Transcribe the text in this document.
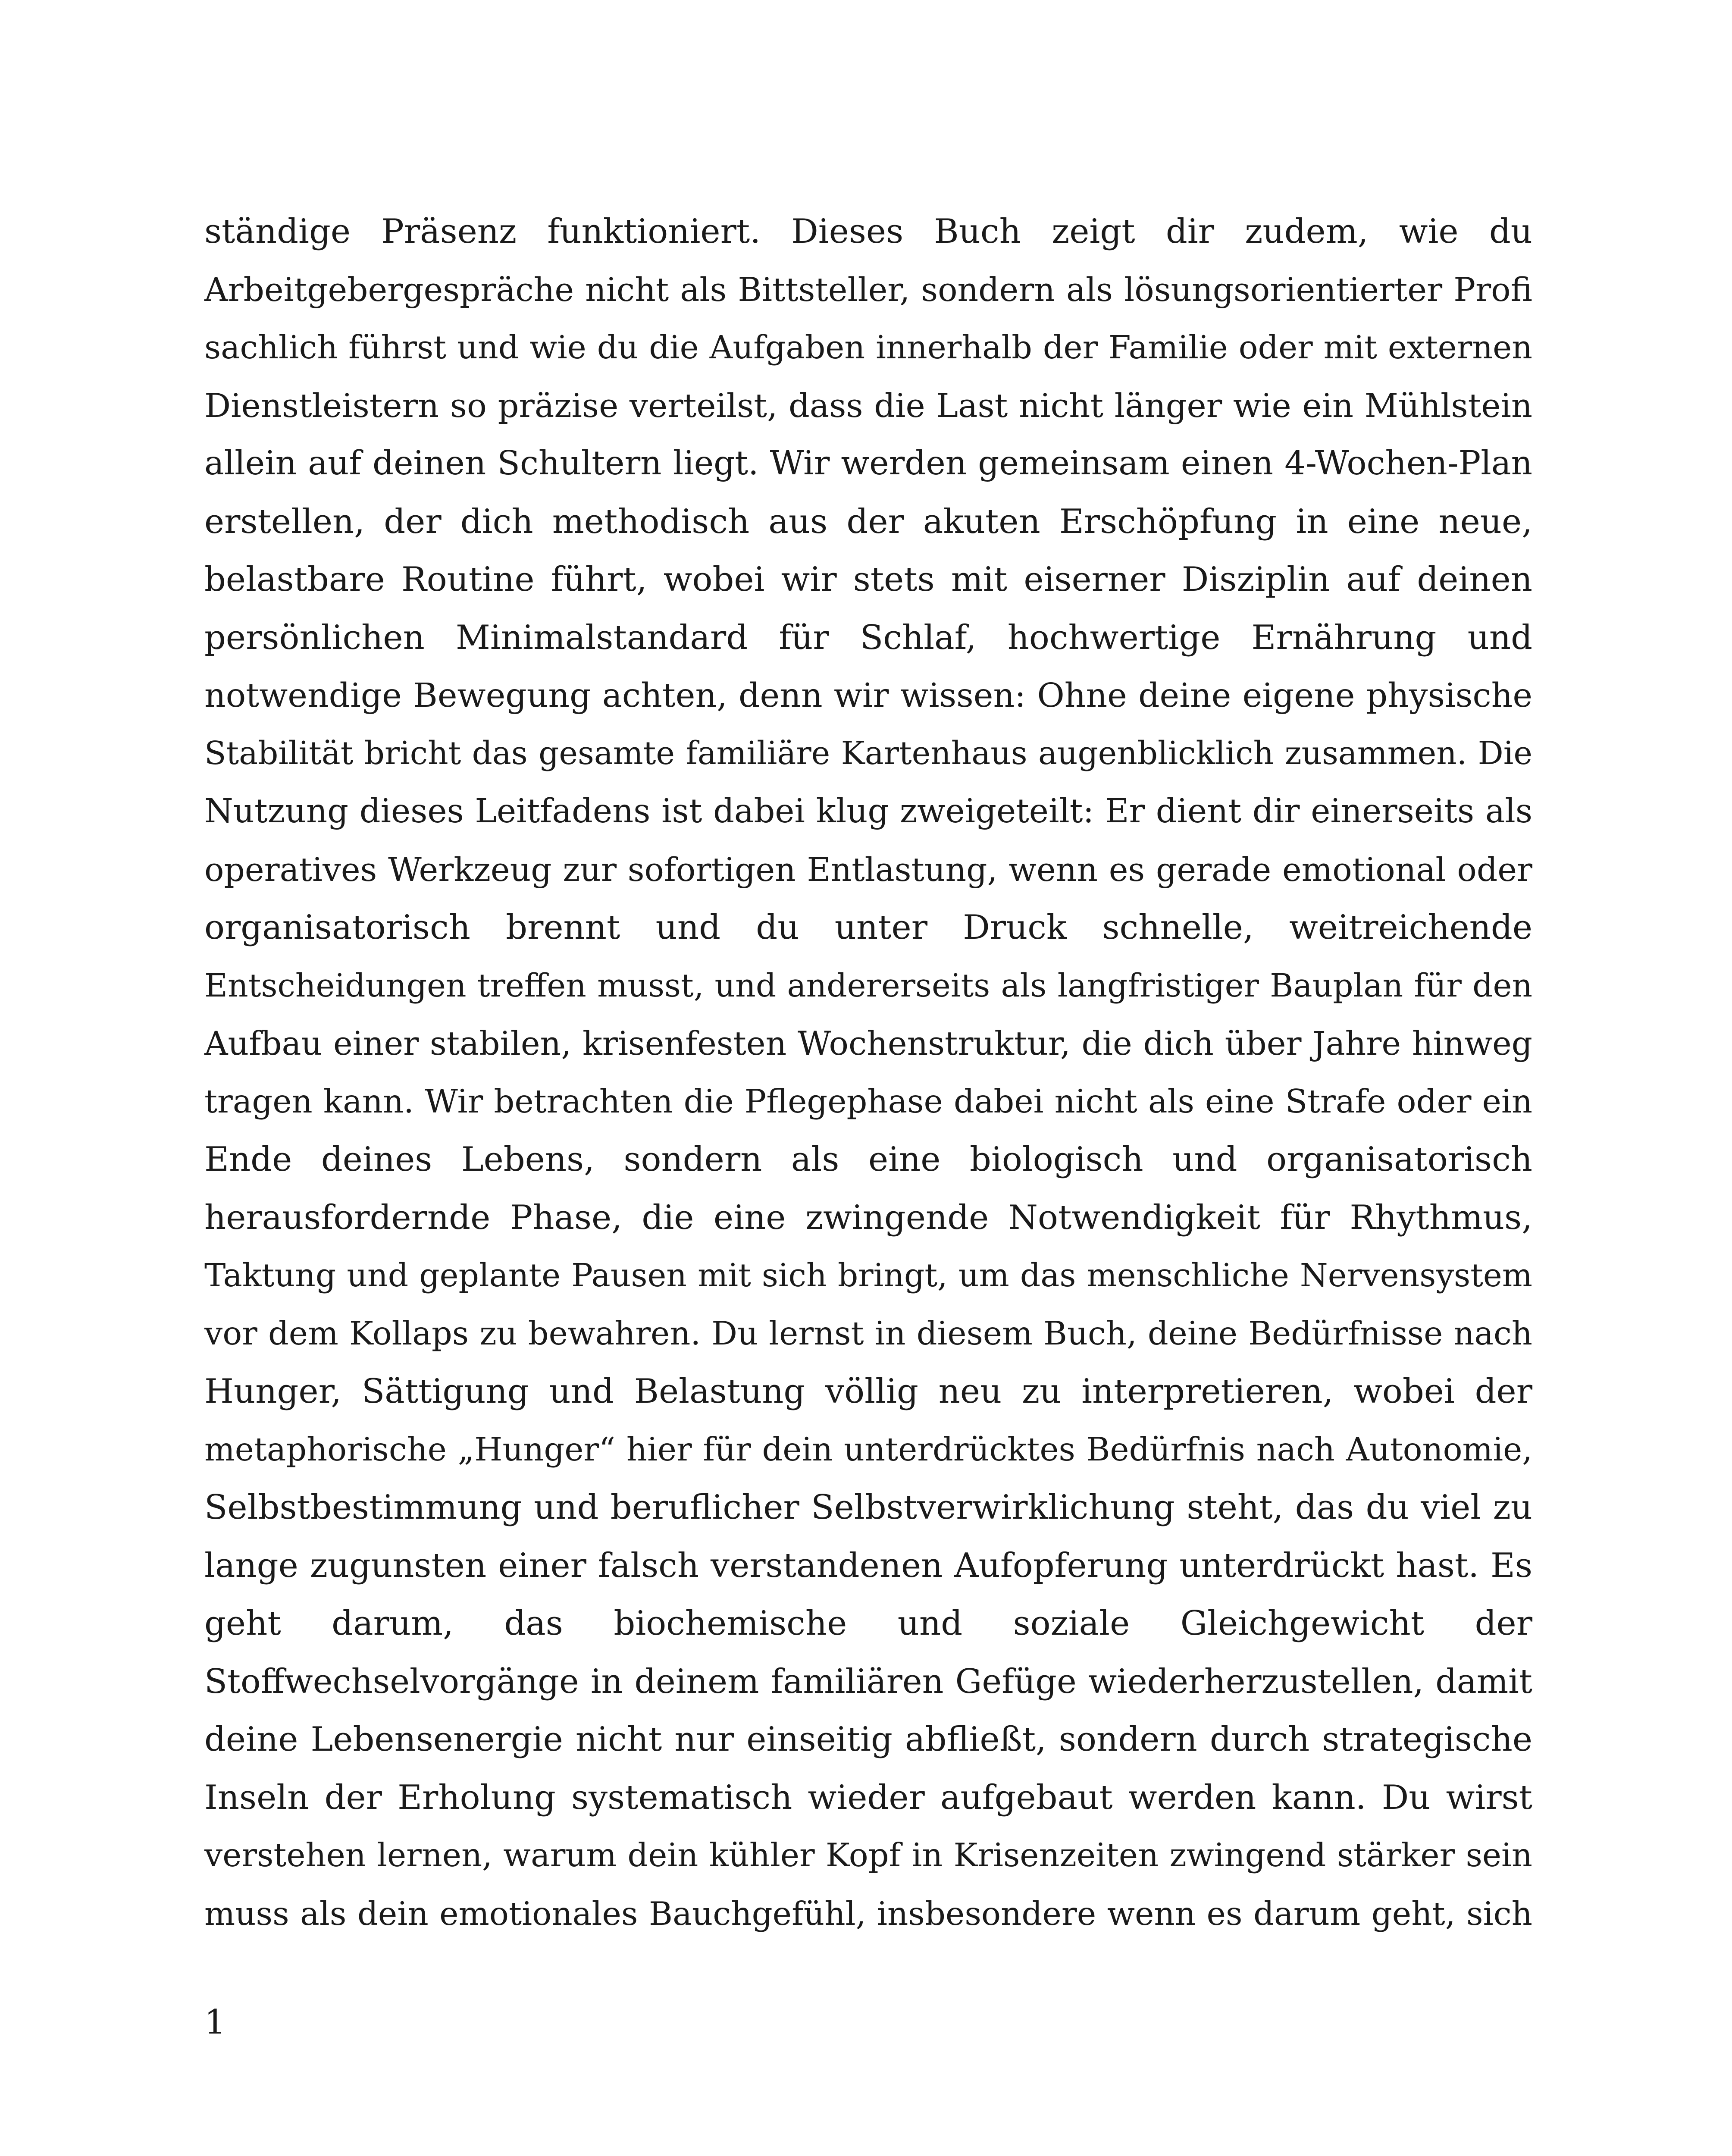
ständige Präsenz funktioniert. Dieses Buch zeigt dir zudem, wie du
Arbeitgebergespräche nicht als Bittsteller, sondern als lösungsorientierter Profi
sachlich führst und wie du die Aufgaben innerhalb der Familie oder mit externen
Dienstleistern so präzise verteilst, dass die Last nicht länger wie ein Mühlstein
allein auf deinen Schultern liegt. Wir werden gemeinsam einen 4-Wochen-Plan
erstellen, der dich methodisch aus der akuten Erschöpfung in eine neue,
belastbare Routine führt, wobei wir stets mit eiserner Disziplin auf deinen
persönlichen Minimalstandard für Schlaf, hochwertige Ernährung und
notwendige Bewegung achten, denn wir wissen: Ohne deine eigene physische
Stabilität bricht das gesamte familiäre Kartenhaus augenblicklich zusammen. Die
Nutzung dieses Leitfadens ist dabei klug zweigeteilt: Er dient dir einerseits als
operatives Werkzeug zur sofortigen Entlastung, wenn es gerade emotional oder
organisatorisch brennt und du unter Druck schnelle, weitreichende
Entscheidungen treffen musst, und andererseits als langfristiger Bauplan für den
Aufbau einer stabilen, krisenfesten Wochenstruktur, die dich über Jahre hinweg
tragen kann. Wir betrachten die Pflegephase dabei nicht als eine Strafe oder ein
Ende deines Lebens, sondern als eine biologisch und organisatorisch
herausfordernde Phase, die eine zwingende Notwendigkeit für Rhythmus,
Taktung und geplante Pausen mit sich bringt, um das menschliche Nervensystem
vor dem Kollaps zu bewahren. Du lernst in diesem Buch, deine Bedürfnisse nach
Hunger, Sättigung und Belastung völlig neu zu interpretieren, wobei der
metaphorische „Hunger“ hier für dein unterdrücktes Bedürfnis nach Autonomie,
Selbstbestimmung und beruflicher Selbstverwirklichung steht, das du viel zu
lange zugunsten einer falsch verstandenen Aufopferung unterdrückt hast. Es
geht darum, das biochemische und soziale Gleichgewicht der
Stoffwechselvorgänge in deinem familiären Gefüge wiederherzustellen, damit
deine Lebensenergie nicht nur einseitig abfließt, sondern durch strategische
Inseln der Erholung systematisch wieder aufgebaut werden kann. Du wirst
verstehen lernen, warum dein kühler Kopf in Krisenzeiten zwingend stärker sein
muss als dein emotionales Bauchgefühl, insbesondere wenn es darum geht, sich
1
